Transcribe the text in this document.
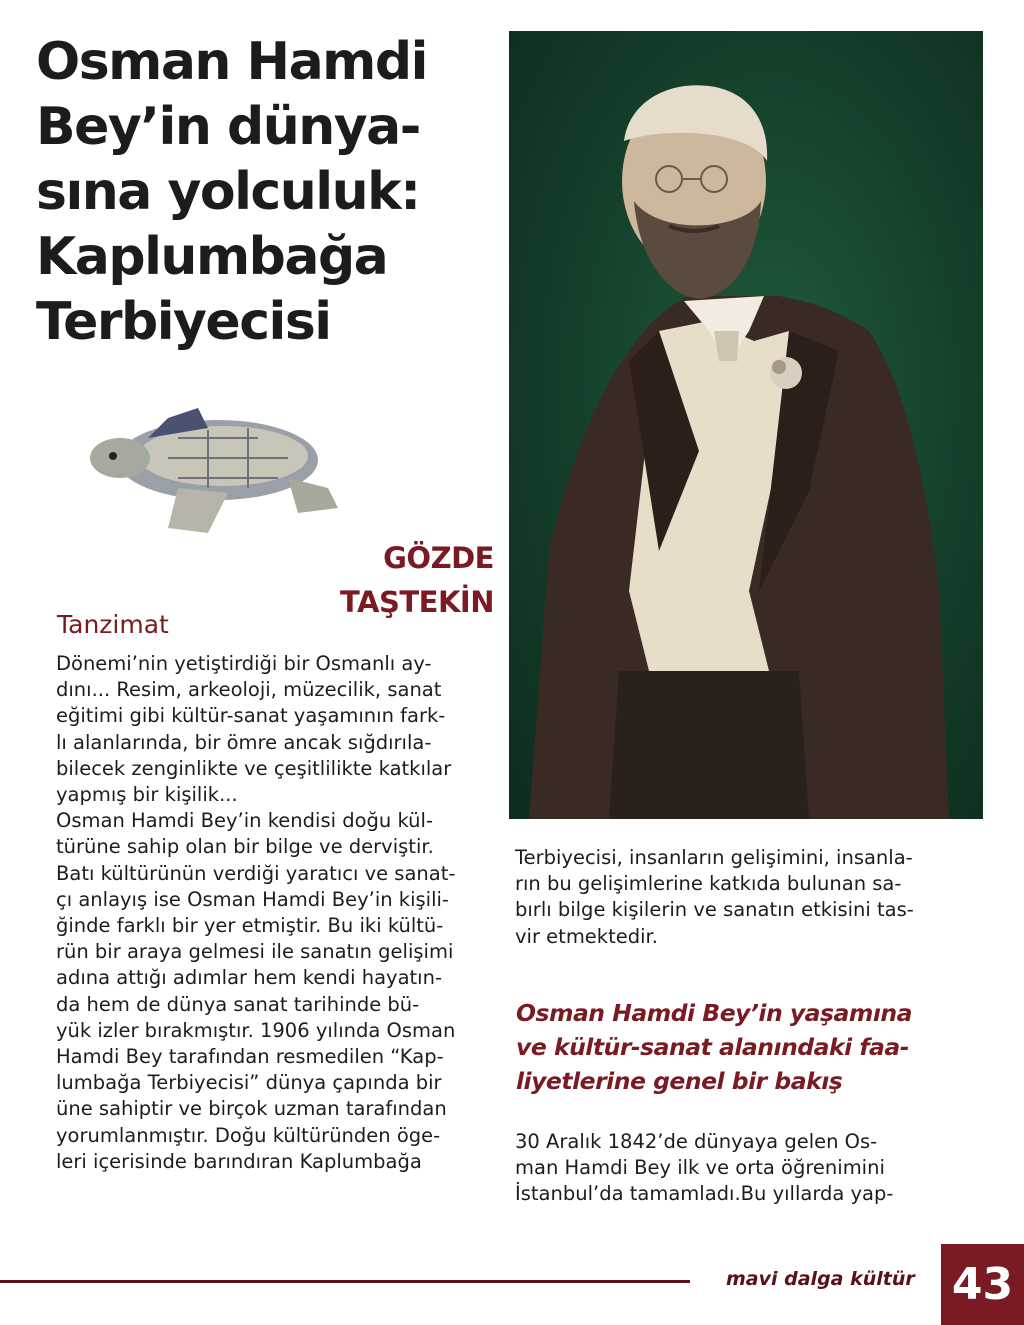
Osman Hamdi
Bey’in dünya-
sına yolculuk:
Kaplumbağa
Terbiyecisi
GÖZDE
TAŞTEKİN
Tanzimat
Dönemi’nin yetiştirdiği bir Osmanlı ay-
dını... Resim, arkeoloji, müzecilik, sanat
eğitimi gibi kültür-sanat yaşamının fark-
lı alanlarında, bir ömre ancak sığdırıla-
bilecek zenginlikte ve çeşitlilikte katkılar
yapmış bir kişilik...
Osman Hamdi Bey’in kendisi doğu kül-
türüne sahip olan bir bilge ve derviştir.
Batı kültürünün verdiği yaratıcı ve sanat-
çı anlayış ise Osman Hamdi Bey’in kişili-
ğinde farklı bir yer etmiştir. Bu iki kültü-
rün bir araya gelmesi ile sanatın gelişimi
adına attığı adımlar hem kendi hayatın-
da hem de dünya sanat tarihinde bü-
yük izler bırakmıştır. 1906 yılında Osman
Hamdi Bey tarafından resmedilen “Kap-
lumbağa Terbiyecisi” dünya çapında bir
üne sahiptir ve birçok uzman tarafından
yorumlanmıştır. Doğu kültüründen öge-
leri içerisinde barındıran Kaplumbağa
Terbiyecisi, insanların gelişimini, insanla-
rın bu gelişimlerine katkıda bulunan sa-
bırlı bilge kişilerin ve sanatın etkisini tas-
vir etmektedir.
Osman Hamdi Bey’in yaşamına
ve kültür-sanat alanındaki faa-
liyetlerine genel bir bakış
30 Aralık 1842’de dünyaya gelen Os-
man Hamdi Bey ilk ve orta öğrenimini
İstanbul’da tamamladı.Bu yıllarda yap-
mavi dalga kültür 43
